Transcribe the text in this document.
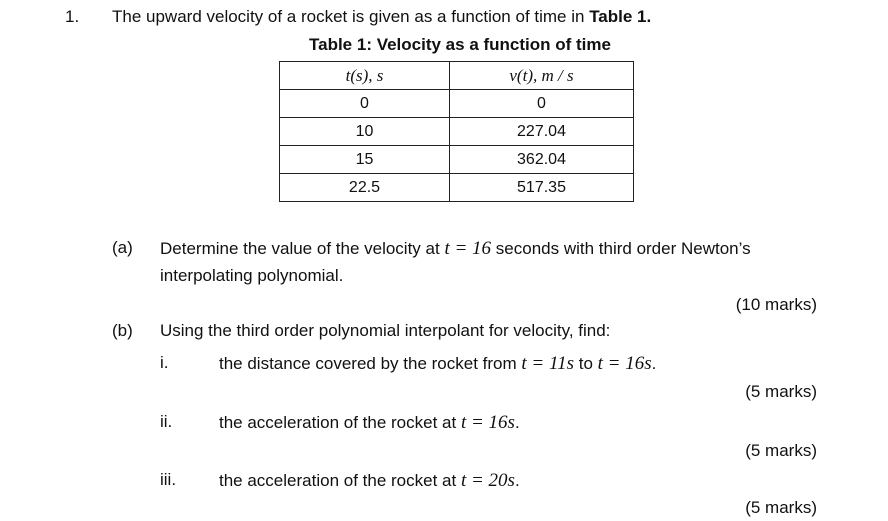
1. The upward velocity of a rocket is given as a function of time in Table 1.
Table 1: Velocity as a function of time
t(s), s	v(t), m / s
0	0
10	227.04
15	362.04
22.5	517.35
(a) Determine the value of the velocity at t = 16 seconds with third order Newton’s
interpolating polynomial.
(10 marks)
(b) Using the third order polynomial interpolant for velocity, find:
i.	the distance covered by the rocket from t = 11s to t = 16s.
(5 marks)
ii.	the acceleration of the rocket at t = 16s.
(5 marks)
iii.	the acceleration of the rocket at t = 20s.
(5 marks)
